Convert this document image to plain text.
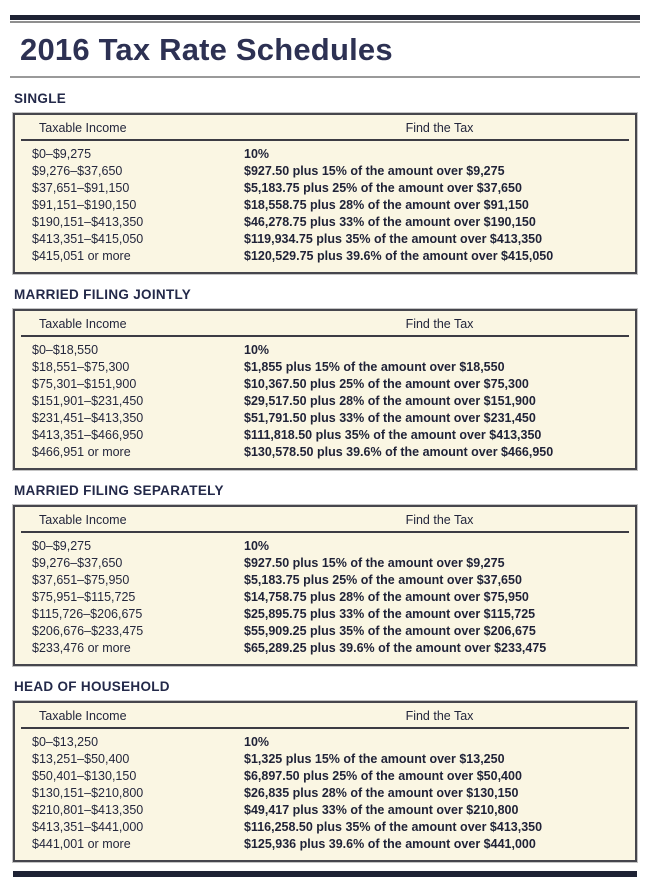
2016 Tax Rate Schedules
SINGLE
Taxable Income	Find the Tax
$0–$9,275	10%
$9,276–$37,650	$927.50 plus 15% of the amount over $9,275
$37,651–$91,150	$5,183.75 plus 25% of the amount over $37,650
$91,151–$190,150	$18,558.75 plus 28% of the amount over $91,150
$190,151–$413,350	$46,278.75 plus 33% of the amount over $190,150
$413,351–$415,050	$119,934.75 plus 35% of the amount over $413,350
$415,051 or more	$120,529.75 plus 39.6% of the amount over $415,050
MARRIED FILING JOINTLY
Taxable Income	Find the Tax
$0–$18,550	10%
$18,551–$75,300	$1,855 plus 15% of the amount over $18,550
$75,301–$151,900	$10,367.50 plus 25% of the amount over $75,300
$151,901–$231,450	$29,517.50 plus 28% of the amount over $151,900
$231,451–$413,350	$51,791.50 plus 33% of the amount over $231,450
$413,351–$466,950	$111,818.50 plus 35% of the amount over $413,350
$466,951 or more	$130,578.50 plus 39.6% of the amount over $466,950
MARRIED FILING SEPARATELY
Taxable Income	Find the Tax
$0–$9,275	10%
$9,276–$37,650	$927.50 plus 15% of the amount over $9,275
$37,651–$75,950	$5,183.75 plus 25% of the amount over $37,650
$75,951–$115,725	$14,758.75 plus 28% of the amount over $75,950
$115,726–$206,675	$25,895.75 plus 33% of the amount over $115,725
$206,676–$233,475	$55,909.25 plus 35% of the amount over $206,675
$233,476 or more	$65,289.25 plus 39.6% of the amount over $233,475
HEAD OF HOUSEHOLD
Taxable Income	Find the Tax
$0–$13,250	10%
$13,251–$50,400	$1,325 plus 15% of the amount over $13,250
$50,401–$130,150	$6,897.50 plus 25% of the amount over $50,400
$130,151–$210,800	$26,835 plus 28% of the amount over $130,150
$210,801–$413,350	$49,417 plus 33% of the amount over $210,800
$413,351–$441,000	$116,258.50 plus 35% of the amount over $413,350
$441,001 or more	$125,936 plus 39.6% of the amount over $441,000
